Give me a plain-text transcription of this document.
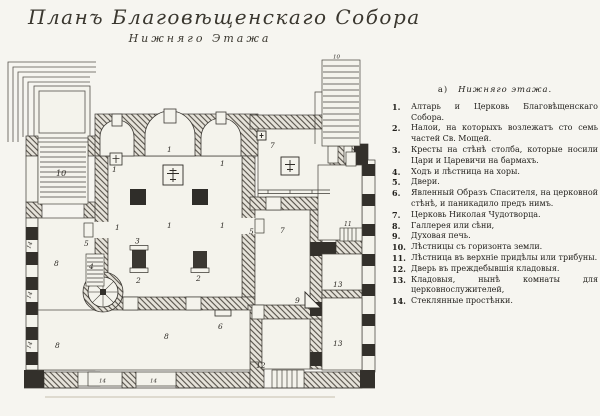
Планъ Благовѣщенскаго Собора
Нижняго Этажа
10
10
1
1
1
1	1	1
5
5
3
2	2
7
7
4
8
8
8
13
13
9
6
12
11
14
14
14
14	14
а) Нижняго этажа.
1.	Алтарь и Церковь Благовѣщенскаго Собора.
2.	Налои, на которыхъ возлежатъ сто семь частей Св. Мощей.
3.	Кресты на стѣнѣ столба, которые носили Цари и Царевичи на бармахъ.
4.	Ходъ и лѣстница на хоры.
5.	Двери.
6.	Явленный Образъ Спасителя, на церковной стѣнѣ, и паникадило предъ нимъ.
7.	Церковь Николая Чудотворца.
8.	Галлерея или сѣни,
9.	Духовая печь.
10. Лѣстницы съ горизонта земли.
11. Лѣстница въ верхніе придѣлы или трибуны.
12. Дверь въ преждебывшія кладовыя.
13. Кладовыя, нынѣ комнаты для церковнослужителей,
14. Стеклянные простѣнки.
